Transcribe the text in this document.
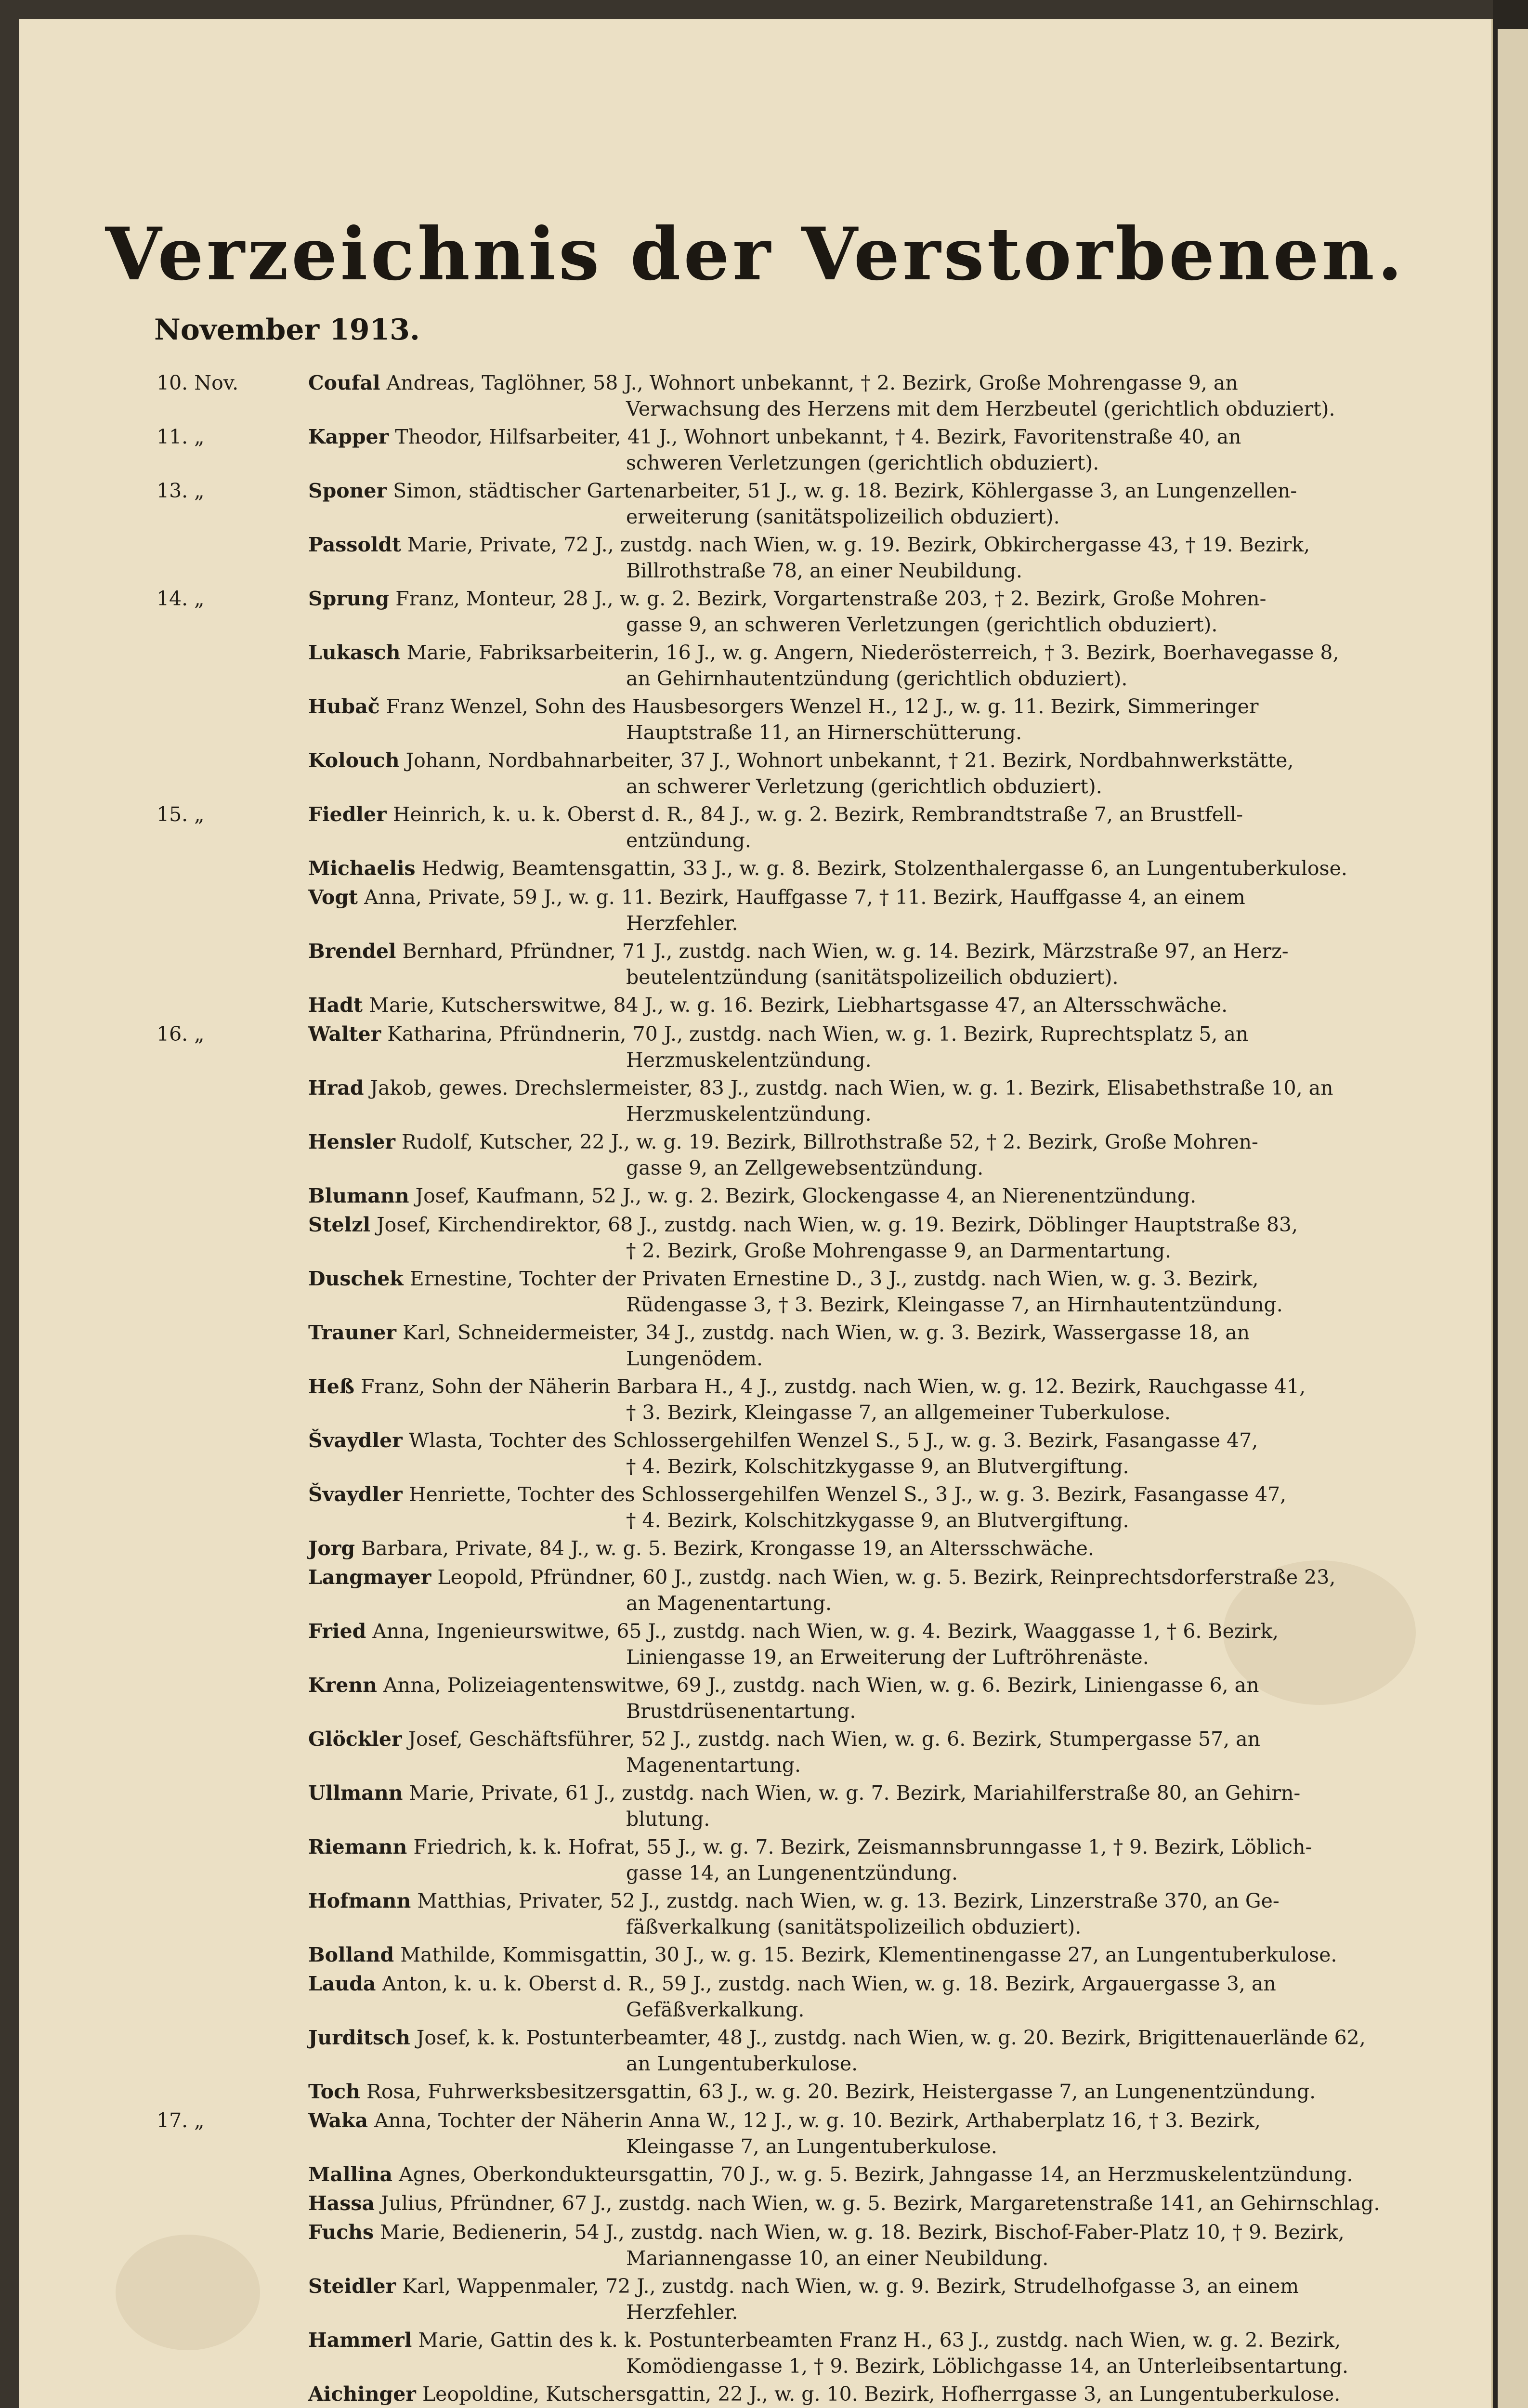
Verzeichnis der Verstorbenen.
November 1913.
10. Nov.	Coufal Andreas, Taglöhner, 58 J., Wohnort unbekannt, † 2. Bezirk, Große Mohrengasse 9, an
Verwachsung des Herzens mit dem Herzbeutel (gerichtlich obduziert).
11. „	Kapper Theodor, Hilfsarbeiter, 41 J., Wohnort unbekannt, † 4. Bezirk, Favoritenstraße 40, an
schweren Verletzungen (gerichtlich obduziert).
13. „	Sponer Simon, städtischer Gartenarbeiter, 51 J., w. g. 18. Bezirk, Köhlergasse 3, an Lungenzellen-
erweiterung (sanitätspolizeilich obduziert).
Passoldt Marie, Private, 72 J., zustdg. nach Wien, w. g. 19. Bezirk, Obkirchergasse 43, † 19. Bezirk,
Billrothstraße 78, an einer Neubildung.
14. „	Sprung Franz, Monteur, 28 J., w. g. 2. Bezirk, Vorgartenstraße 203, † 2. Bezirk, Große Mohren-
gasse 9, an schweren Verletzungen (gerichtlich obduziert).
Lukasch Marie, Fabriksarbeiterin, 16 J., w. g. Angern, Niederösterreich, † 3. Bezirk, Boerhavegasse 8,
an Gehirnhautentzündung (gerichtlich obduziert).
Hubač Franz Wenzel, Sohn des Hausbesorgers Wenzel H., 12 J., w. g. 11. Bezirk, Simmeringer
Hauptstraße 11, an Hirnerschütterung.
Kolouch Johann, Nordbahnarbeiter, 37 J., Wohnort unbekannt, † 21. Bezirk, Nordbahnwerkstätte,
an schwerer Verletzung (gerichtlich obduziert).
15. „	Fiedler Heinrich, k. u. k. Oberst d. R., 84 J., w. g. 2. Bezirk, Rembrandtstraße 7, an Brustfell-
entzündung.
Michaelis Hedwig, Beamtensgattin, 33 J., w. g. 8. Bezirk, Stolzenthalergasse 6, an Lungentuberkulose.
Vogt Anna, Private, 59 J., w. g. 11. Bezirk, Hauffgasse 7, † 11. Bezirk, Hauffgasse 4, an einem
Herzfehler.
Brendel Bernhard, Pfründner, 71 J., zustdg. nach Wien, w. g. 14. Bezirk, Märzstraße 97, an Herz-
beutelentzündung (sanitätspolizeilich obduziert).
Hadt Marie, Kutscherswitwe, 84 J., w. g. 16. Bezirk, Liebhartsgasse 47, an Altersschwäche.
16. „	Walter Katharina, Pfründnerin, 70 J., zustdg. nach Wien, w. g. 1. Bezirk, Ruprechtsplatz 5, an
Herzmuskelentzündung.
Hrad Jakob, gewes. Drechslermeister, 83 J., zustdg. nach Wien, w. g. 1. Bezirk, Elisabethstraße 10, an
Herzmuskelentzündung.
Hensler Rudolf, Kutscher, 22 J., w. g. 19. Bezirk, Billrothstraße 52, † 2. Bezirk, Große Mohren-
gasse 9, an Zellgewebsentzündung.
Blumann Josef, Kaufmann, 52 J., w. g. 2. Bezirk, Glockengasse 4, an Nierenentzündung.
Stelzl Josef, Kirchendirektor, 68 J., zustdg. nach Wien, w. g. 19. Bezirk, Döblinger Hauptstraße 83,
† 2. Bezirk, Große Mohrengasse 9, an Darmentartung.
Duschek Ernestine, Tochter der Privaten Ernestine D., 3 J., zustdg. nach Wien, w. g. 3. Bezirk,
Rüdengasse 3, † 3. Bezirk, Kleingasse 7, an Hirnhautentzündung.
Trauner Karl, Schneidermeister, 34 J., zustdg. nach Wien, w. g. 3. Bezirk, Wassergasse 18, an
Lungenödem.
Heß Franz, Sohn der Näherin Barbara H., 4 J., zustdg. nach Wien, w. g. 12. Bezirk, Rauchgasse 41,
† 3. Bezirk, Kleingasse 7, an allgemeiner Tuberkulose.
Švaydler Wlasta, Tochter des Schlossergehilfen Wenzel S., 5 J., w. g. 3. Bezirk, Fasangasse 47,
† 4. Bezirk, Kolschitzkygasse 9, an Blutvergiftung.
Švaydler Henriette, Tochter des Schlossergehilfen Wenzel S., 3 J., w. g. 3. Bezirk, Fasangasse 47,
† 4. Bezirk, Kolschitzkygasse 9, an Blutvergiftung.
Jorg Barbara, Private, 84 J., w. g. 5. Bezirk, Krongasse 19, an Altersschwäche.
Langmayer Leopold, Pfründner, 60 J., zustdg. nach Wien, w. g. 5. Bezirk, Reinprechtsdorferstraße 23,
an Magenentartung.
Fried Anna, Ingenieurswitwe, 65 J., zustdg. nach Wien, w. g. 4. Bezirk, Waaggasse 1, † 6. Bezirk,
Liniengasse 19, an Erweiterung der Luftröhrenäste.
Krenn Anna, Polizeiagentenswitwe, 69 J., zustdg. nach Wien, w. g. 6. Bezirk, Liniengasse 6, an
Brustdrüsenentartung.
Glöckler Josef, Geschäftsführer, 52 J., zustdg. nach Wien, w. g. 6. Bezirk, Stumpergasse 57, an
Magenentartung.
Ullmann Marie, Private, 61 J., zustdg. nach Wien, w. g. 7. Bezirk, Mariahilferstraße 80, an Gehirn-
blutung.
Riemann Friedrich, k. k. Hofrat, 55 J., w. g. 7. Bezirk, Zeismannsbrunngasse 1, † 9. Bezirk, Löblich-
gasse 14, an Lungenentzündung.
Hofmann Matthias, Privater, 52 J., zustdg. nach Wien, w. g. 13. Bezirk, Linzerstraße 370, an Ge-
fäßverkalkung (sanitätspolizeilich obduziert).
Bolland Mathilde, Kommisgattin, 30 J., w. g. 15. Bezirk, Klementinengasse 27, an Lungentuberkulose.
Lauda Anton, k. u. k. Oberst d. R., 59 J., zustdg. nach Wien, w. g. 18. Bezirk, Argauergasse 3, an
Gefäßverkalkung.
Jurditsch Josef, k. k. Postunterbeamter, 48 J., zustdg. nach Wien, w. g. 20. Bezirk, Brigittenauerlände 62,
an Lungentuberkulose.
Toch Rosa, Fuhrwerksbesitzersgattin, 63 J., w. g. 20. Bezirk, Heistergasse 7, an Lungenentzündung.
17. „	Waka Anna, Tochter der Näherin Anna W., 12 J., w. g. 10. Bezirk, Arthaberplatz 16, † 3. Bezirk,
Kleingasse 7, an Lungentuberkulose.
Mallina Agnes, Oberkondukteursgattin, 70 J., w. g. 5. Bezirk, Jahngasse 14, an Herzmuskelentzündung.
Hassa Julius, Pfründner, 67 J., zustdg. nach Wien, w. g. 5. Bezirk, Margaretenstraße 141, an Gehirnschlag.
Fuchs Marie, Bedienerin, 54 J., zustdg. nach Wien, w. g. 18. Bezirk, Bischof-Faber-Platz 10, † 9. Bezirk,
Mariannengasse 10, an einer Neubildung.
Steidler Karl, Wappenmaler, 72 J., zustdg. nach Wien, w. g. 9. Bezirk, Strudelhofgasse 3, an einem
Herzfehler.
Hammerl Marie, Gattin des k. k. Postunterbeamten Franz H., 63 J., zustdg. nach Wien, w. g. 2. Bezirk,
Komödiengasse 1, † 9. Bezirk, Löblichgasse 14, an Unterleibsentartung.
Aichinger Leopoldine, Kutschersgattin, 22 J., w. g. 10. Bezirk, Hofherrgasse 3, an Lungentuberkulose.
